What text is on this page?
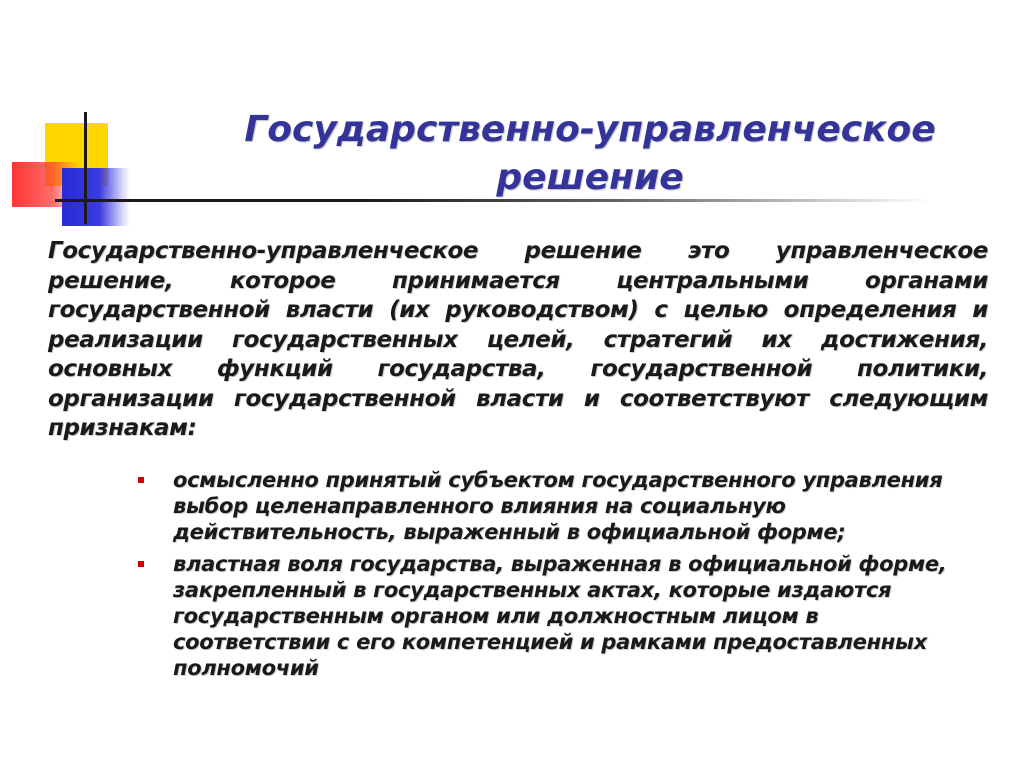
Государственно-управленческое решение

Государственно-управленческое решение это управленческое решение, которое принимается центральными органами государственной власти (их руководством) с целью определения и реализации государственных целей, стратегий их достижения, основных функций государства, государственной политики, организации государственной власти и соответствуют следующим признакам:

осмысленно принятый субъектом государственного управления выбор целенаправленного влияния на социальную действительность, выраженный в официальной форме;
властная воля государства, выраженная в официальной форме, закрепленный в государственных актах, которые издаются государственным органом или должностным лицом в соответствии с его компетенцией и рамками предоставленных полномочий
